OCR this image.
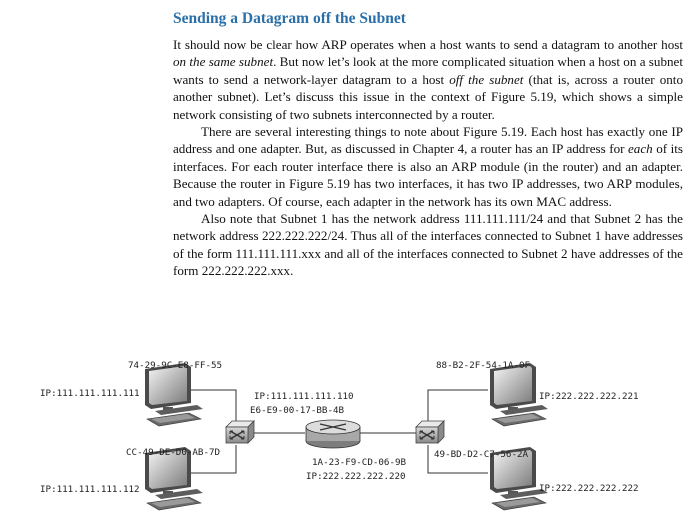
Sending a Datagram off the Subnet

It should now be clear how ARP operates when a host wants to send a datagram to another host on the same subnet. But now let’s look at the more complicated situation when a host on a subnet wants to send a network-layer datagram to a host off the subnet (that is, across a router onto another subnet). Let’s discuss this issue in the context of Figure 5.19, which shows a simple network consisting of two subnets interconnected by a router.

There are several interesting things to note about Figure 5.19. Each host has exactly one IP address and one adapter. But, as discussed in Chapter 4, a router has an IP address for each of its interfaces. For each router interface there is also an ARP module (in the router) and an adapter. Because the router in Figure 5.19 has two interfaces, it has two IP addresses, two ARP modules, and two adapters. Of course, each adapter in the network has its own MAC address.

Also note that Subnet 1 has the network address 111.111.111/24 and that Subnet 2 has the network address 222.222.222/24. Thus all of the interfaces connected to Subnet 1 have addresses of the form 111.111.111.xxx and all of the interfaces connected to Subnet 2 have addresses of the form 222.222.222.xxx.

74-29-9C-E8-FF-55
IP:111.111.111.111	IP:111.111.111.110
E6-E9-00-17-BB-4B
CC-49-DE-D0-AB-7D
IP:111.111.111.112
1A-23-F9-CD-06-9B
IP:222.222.222.220
88-B2-2F-54-1A-0F
IP:222.222.222.221
49-BD-D2-C7-56-2A
IP:222.222.222.222
